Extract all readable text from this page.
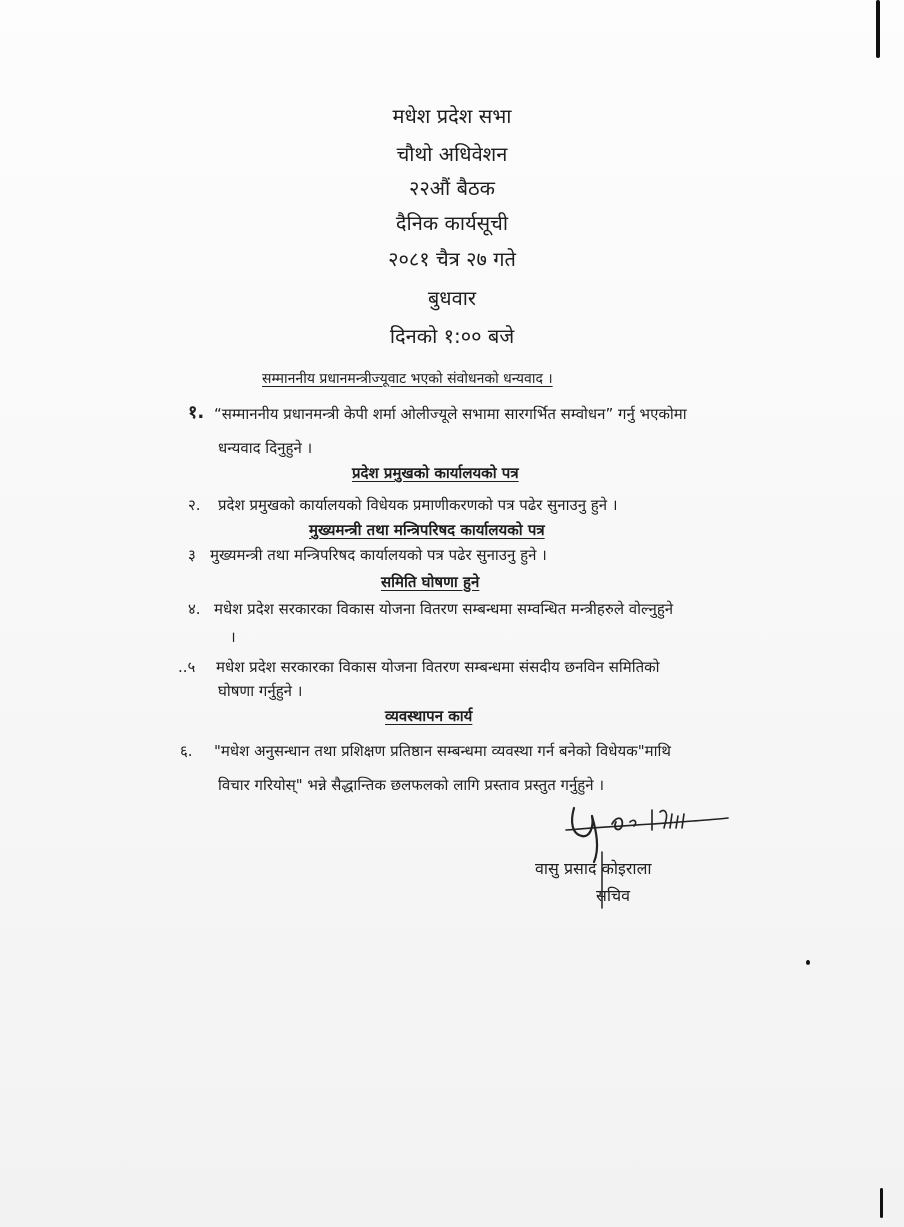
मधेश प्रदेश सभा
चौथो अधिवेशन
२२औं बैठक
दैनिक कार्यसूची
२०८१ चैत्र २७ गते
बुधवार
दिनको १:०० बजे
सम्माननीय प्रधानमन्त्रीज्यूवाट भएको संवोधनको धन्यवाद ।
१. “सम्माननीय प्रधानमन्त्री केपी शर्मा ओलीज्यूले सभामा सारगर्भित सम्वोधन” गर्नु भएकोमा
धन्यवाद दिनुहुने ।
प्रदेश प्रमुखको कार्यालयको पत्र
२. प्रदेश प्रमुखको कार्यालयको विधेयक प्रमाणीकरणको पत्र पढेर सुनाउनु हुने ।
मुख्यमन्त्री तथा मन्त्रिपरिषद कार्यालयको पत्र
३ मुख्यमन्त्री तथा मन्त्रिपरिषद कार्यालयको पत्र पढेर सुनाउनु हुने ।
समिति घोषणा हुने
४. मधेश प्रदेश सरकारका विकास योजना वितरण सम्बन्धमा सम्वन्धित मन्त्रीहरुले वोल्नुहुने
।
..५ मधेश प्रदेश सरकारका विकास योजना वितरण सम्बन्धमा संसदीय छनविन समितिको
घोषणा गर्नुहुने ।
व्यवस्थापन कार्य
६. "मधेश अनुसन्धान तथा प्रशिक्षण प्रतिष्ठान सम्बन्धमा व्यवस्था गर्न बनेको विधेयक"माथि
विचार गरियोस्" भन्ने सैद्धान्तिक छलफलको लागि प्रस्ताव प्रस्तुत गर्नुहुने ।
वासु प्रसाद कोइराला
सचिव
